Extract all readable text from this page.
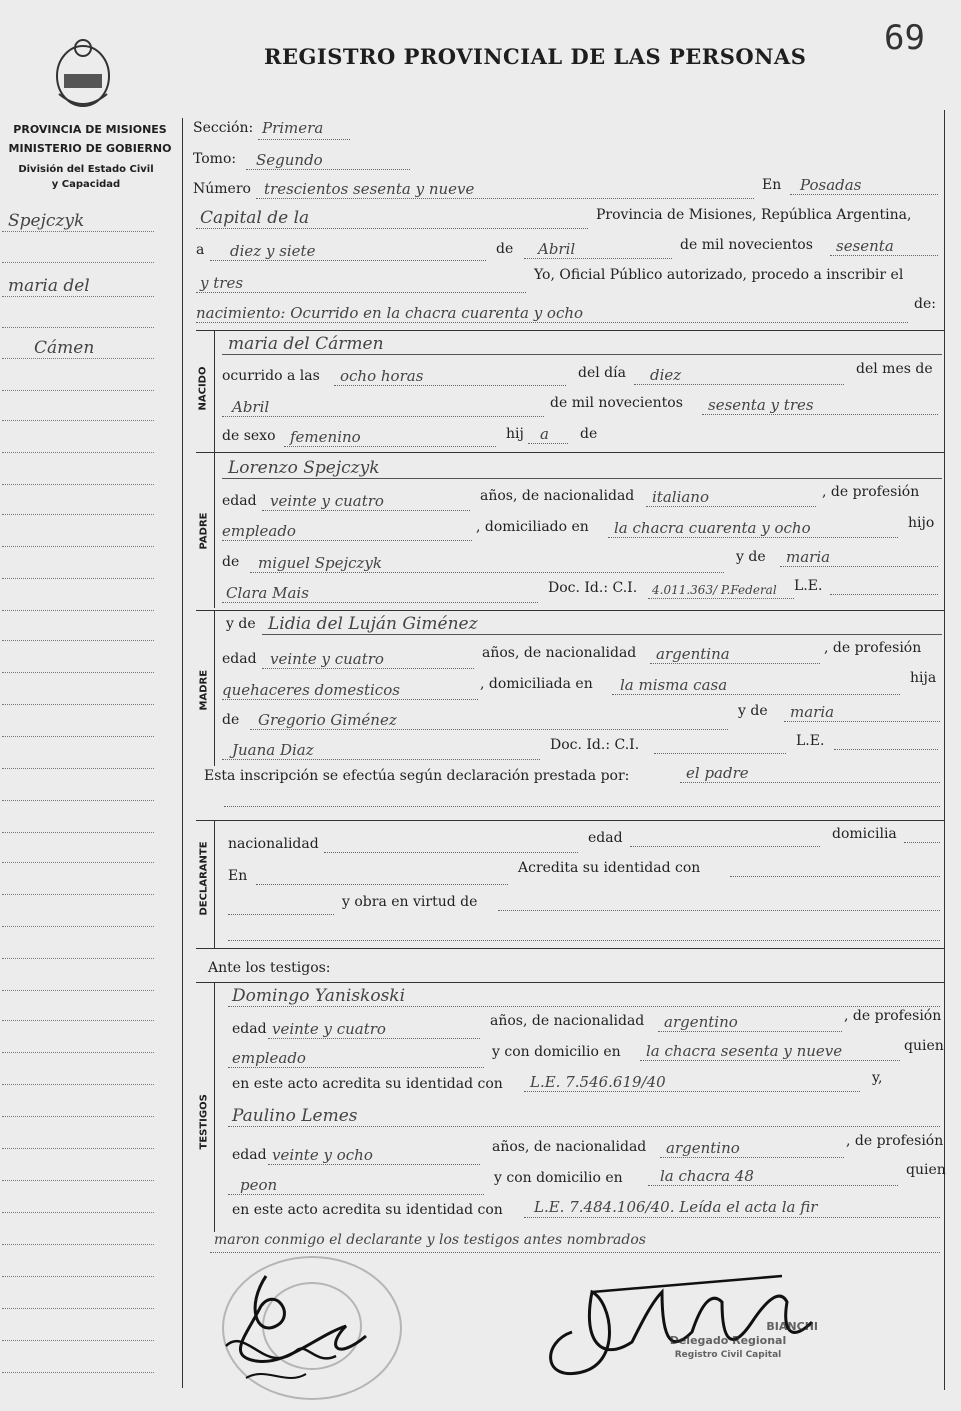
69
REGISTRO PROVINCIAL DE LAS PERSONAS
PROVINCIA DE MISIONES
MINISTERIO DE GOBIERNO
División del Estado Civil
y Capacidad
Spejczyk
maria del
Cámen
Sección: Primera
Tomo: Segundo
Número trescientos sesenta y nueve	En Posadas
Capital de la	Provincia de Misiones, República Argentina,
a diez y siete	de Abril	de mil novecientos sesenta
y tres	Yo, Oficial Público autorizado, procedo a inscribir el
nacimiento: Ocurrido en la chacra cuarenta y ocho	de:
NACIDO
maria del Cármen
ocurrido a las ocho horas	del día diez	del mes de
Abril	de mil novecientos sesenta y tres
de sexo femenino	hij a de
PADRE
Lorenzo Spejczyk
edad veinte y cuatro	años, de nacionalidad italiano	, de profesión
empleado	, domiciliado en la chacra cuarenta y ocho	hijo
de miguel Spejczyk	y de maria
Clara Mais	Doc. Id.: C.I. 4.011.363/ P.Federal L.E.
MADRE
y de Lidia del Luján Giménez
edad veinte y cuatro	años, de nacionalidad argentina	, de profesión
quehaceres domesticos	, domiciliada en la misma casa	hija
de Gregorio Giménez	y de maria
Juana Diaz	Doc. Id.: C.I.	L.E.
Esta inscripción se efectúa según declaración prestada por:	el padre
DECLARANTE nacionalidad	edad	domicilia
En	Acredita su identidad con
y obra en virtud de
Ante los testigos:
TESTIGOS
Domingo Yaniskoski
edad veinte y cuatro	años, de nacionalidad argentino	, de profesión
empleado	y con domicilio en la chacra sesenta y nueve	quien
en este acto acredita su identidad con L.E. 7.546.619/40	y,
Paulino Lemes
edad veinte y ocho	años, de nacionalidad argentino	, de profesión
peon	y con domicilio en la chacra 48	quien
en este acto acredita su identidad con L.E. 7.484.106/40. Leída el acta la fir
maron conmigo el declarante y los testigos antes nombrados
BIANCHI
Delegado Regional
Registro Civil Capital
